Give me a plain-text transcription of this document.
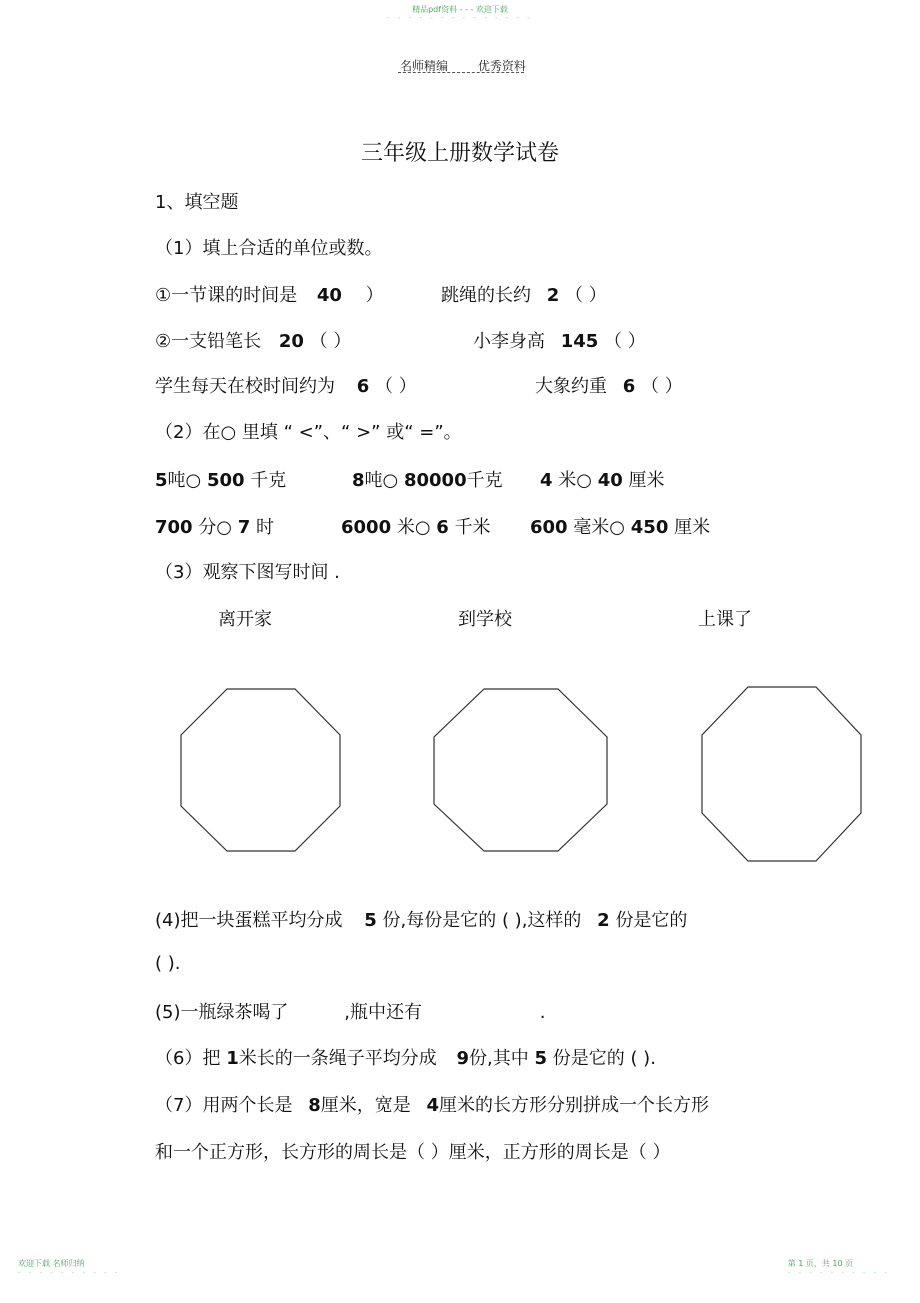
精品pdf资料 - - - 欢迎下载
- - - - - - - - - - - - - -
名师精编 优秀资料
三年级上册数学试卷
1、填空题
（1）填上合适的单位或数。
①一节课的时间是 40 ）	跳绳的长约 2 （ ）
②一支铅笔长 20 （ ）	小李身高 145 （ ）
学生每天在校时间约为 6 （ ）	大象约重 6 （ ）
（2）在○ 里填 “ <”、“ >” 或“ =”。
5吨○ 500 千克	8吨○ 80000千克 4 米○ 40 厘米
700 分○ 7 时	6000 米○ 6 千米 600 毫米○ 450 厘米
（3）观察下图写时间 .
离开家	到学校	上课了
(4)把一块蛋糕平均分成 5 份,每份是它的 ( ),这样的 2 份是它的
( ).
(5)一瓶绿茶喝了	,瓶中还有	.
（6）把 1米长的一条绳子平均分成 9份,其中 5 份是它的 ( ).
（7）用两个长是 8厘米，宽是 4厘米的长方形分别拼成一个长方形
和一个正方形，长方形的周长是（ ）厘米，正方形的周长是（ ）
欢迎下载 名师归纳
- - - - - - - - - -
第 1 页，共 10 页
- - - - - - - - - -
